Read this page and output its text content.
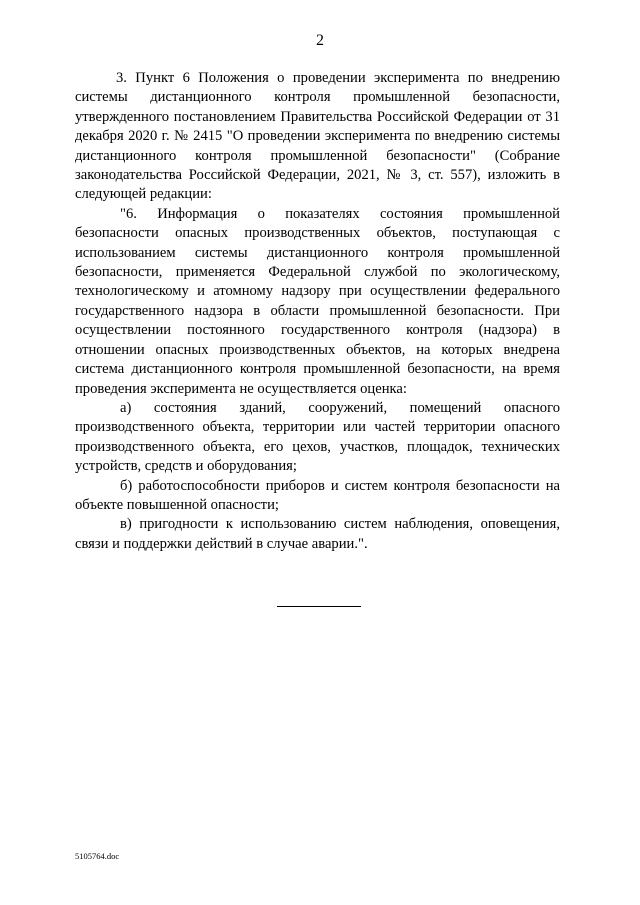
2

3. Пункт 6 Положения о проведении эксперимента по внедрению системы дистанционного контроля промышленной безопасности, утвержденного постановлением Правительства Российской Федерации от 31 декабря 2020 г. № 2415 "О проведении эксперимента по внедрению системы дистанционного контроля промышленной безопасности" (Собрание законодательства Российской Федерации, 2021, № 3, ст. 557), изложить в следующей редакции:

"6. Информация о показателях состояния промышленной безопасности опасных производственных объектов, поступающая с использованием системы дистанционного контроля промышленной безопасности, применяется Федеральной службой по экологическому, технологическому и атомному надзору при осуществлении федерального государственного надзора в области промышленной безопасности. При осуществлении постоянного государственного контроля (надзора) в отношении опасных производственных объектов, на которых внедрена система дистанционного контроля промышленной безопасности, на время проведения эксперимента не осуществляется оценка:

а) состояния зданий, сооружений, помещений опасного производственного объекта, территории или частей территории опасного производственного объекта, его цехов, участков, площадок, технических устройств, средств и оборудования;

б) работоспособности приборов и систем контроля безопасности на объекте повышенной опасности;

в) пригодности к использованию систем наблюдения, оповещения, связи и поддержки действий в случае аварии.".

5105764.doc
